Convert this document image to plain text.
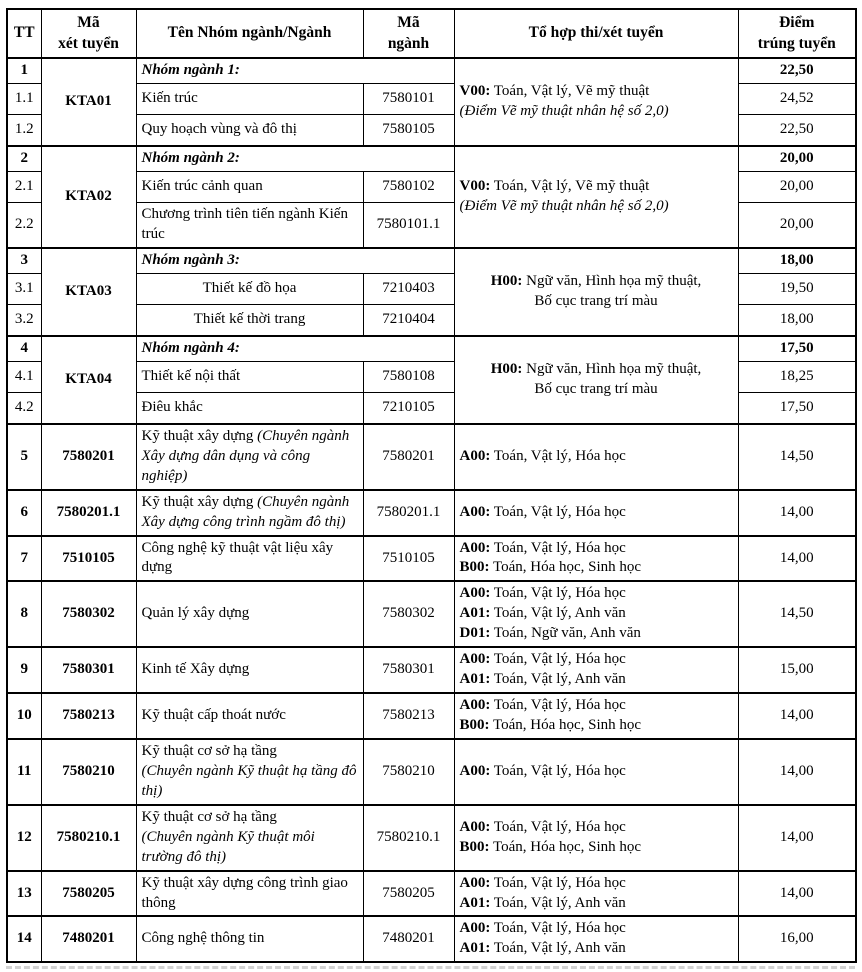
TT	Mã
xét tuyển	Tên Nhóm ngành/Ngành	Mã
ngành	Tổ hợp thi/xét tuyển	Điểm
trúng tuyển
1	KTA01	Nhóm ngành 1:		V00: Toán, Vật lý, Vẽ mỹ thuật
(Điểm Vẽ mỹ thuật nhân hệ số 2,0)	22,50
1.1		Kiến trúc	7580101		24,52
1.2		Quy hoạch vùng và đô thị	7580105		22,50
2	KTA02	Nhóm ngành 2:		V00: Toán, Vật lý, Vẽ mỹ thuật
(Điểm Vẽ mỹ thuật nhân hệ số 2,0)	20,00
2.1		Kiến trúc cảnh quan	7580102		20,00
2.2		Chương trình tiên tiến ngành Kiến trúc	7580101.1		20,00
3	KTA03	Nhóm ngành 3:		H00: Ngữ văn, Hình họa mỹ thuật,
Bố cục trang trí màu	18,00
3.1		Thiết kế đồ họa	7210403		19,50
3.2		Thiết kế thời trang	7210404		18,00
4	KTA04	Nhóm ngành 4:		H00: Ngữ văn, Hình họa mỹ thuật,
Bố cục trang trí màu	17,50
4.1		Thiết kế nội thất	7580108		18,25
4.2		Điêu khắc	7210105		17,50
5	7580201	Kỹ thuật xây dựng (Chuyên ngành Xây dựng dân dụng và công nghiệp)	7580201	A00: Toán, Vật lý, Hóa học	14,50
6	7580201.1	Kỹ thuật xây dựng (Chuyên ngành Xây dựng công trình ngầm đô thị)	7580201.1	A00: Toán, Vật lý, Hóa học	14,00
7	7510105	Công nghệ kỹ thuật vật liệu xây dựng	7510105	A00: Toán, Vật lý, Hóa học
B00: Toán, Hóa học, Sinh học	14,00
8	7580302	Quản lý xây dựng	7580302	A00: Toán, Vật lý, Hóa học
A01: Toán, Vật lý, Anh văn
D01: Toán, Ngữ văn, Anh văn	14,50
9	7580301	Kinh tế Xây dựng	7580301	A00: Toán, Vật lý, Hóa học
A01: Toán, Vật lý, Anh văn	15,00
10	7580213	Kỹ thuật cấp thoát nước	7580213	A00: Toán, Vật lý, Hóa học
B00: Toán, Hóa học, Sinh học	14,00
11	7580210	Kỹ thuật cơ sở hạ tầng
(Chuyên ngành Kỹ thuật hạ tầng đô thị)	7580210	A00: Toán, Vật lý, Hóa học	14,00
12	7580210.1	Kỹ thuật cơ sở hạ tầng
(Chuyên ngành Kỹ thuật môi trường đô thị)	7580210.1	A00: Toán, Vật lý, Hóa học
B00: Toán, Hóa học, Sinh học	14,00
13	7580205	Kỹ thuật xây dựng công trình giao thông	7580205	A00: Toán, Vật lý, Hóa học
A01: Toán, Vật lý, Anh văn	14,00
14	7480201	Công nghệ thông tin	7480201	A00: Toán, Vật lý, Hóa học
A01: Toán, Vật lý, Anh văn	16,00
